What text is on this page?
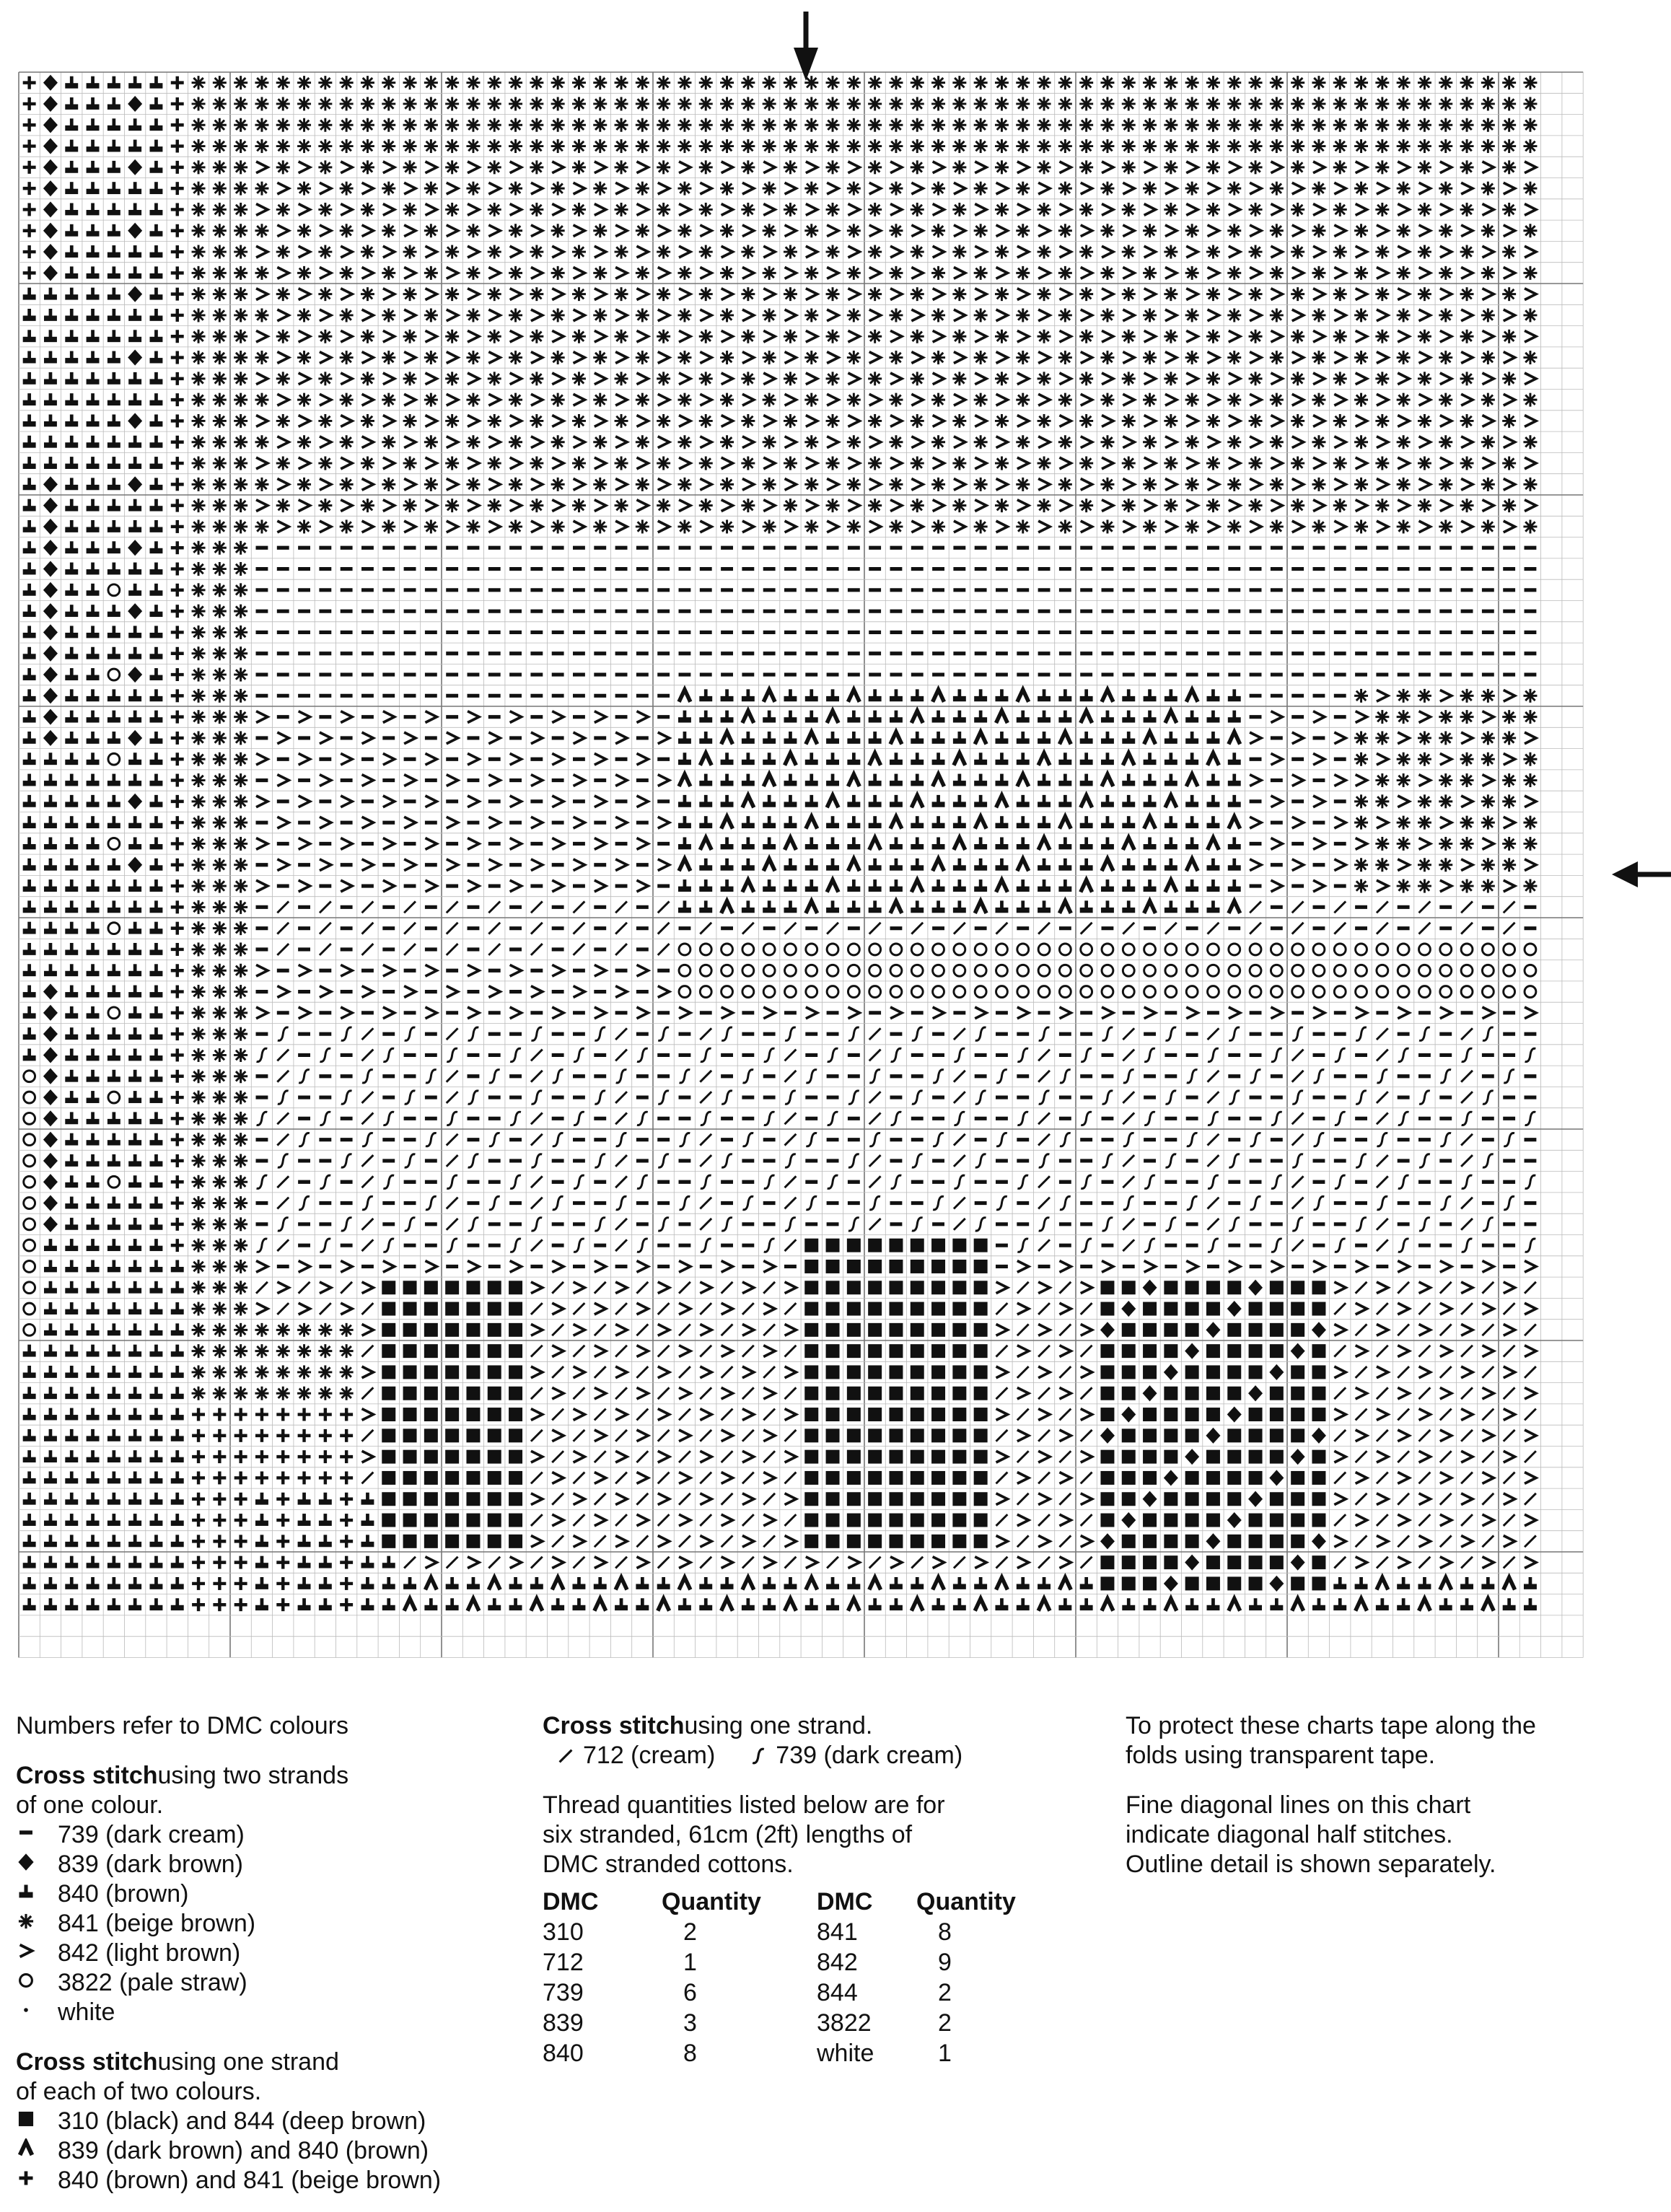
Numbers refer to DMC colours
Cross stitch using two strands
of one colour.
739 (dark cream)
839 (dark brown)
840 (brown)
841 (beige brown)
842 (light brown)
3822 (pale straw)
white
Cross stitch using one strand
of each of two colours.
310 (black) and 844 (deep brown)
839 (dark brown) and 840 (brown)
840 (brown) and 841 (beige brown)
Cross stitch using one strand.
712 (cream) 739 (dark cream)
Thread quantities listed below are for
six stranded, 61cm (2ft) lengths of
DMC stranded cottons.
DMC	Quantity	DMC	Quantity
310	2	841	8
712	1	842	9
739	6	844	2
839	3	3822	2
840	8	white	1
To protect these charts tape along the
folds using transparent tape.
Fine diagonal lines on this chart
indicate diagonal half stitches.
Outline detail is shown separately.
